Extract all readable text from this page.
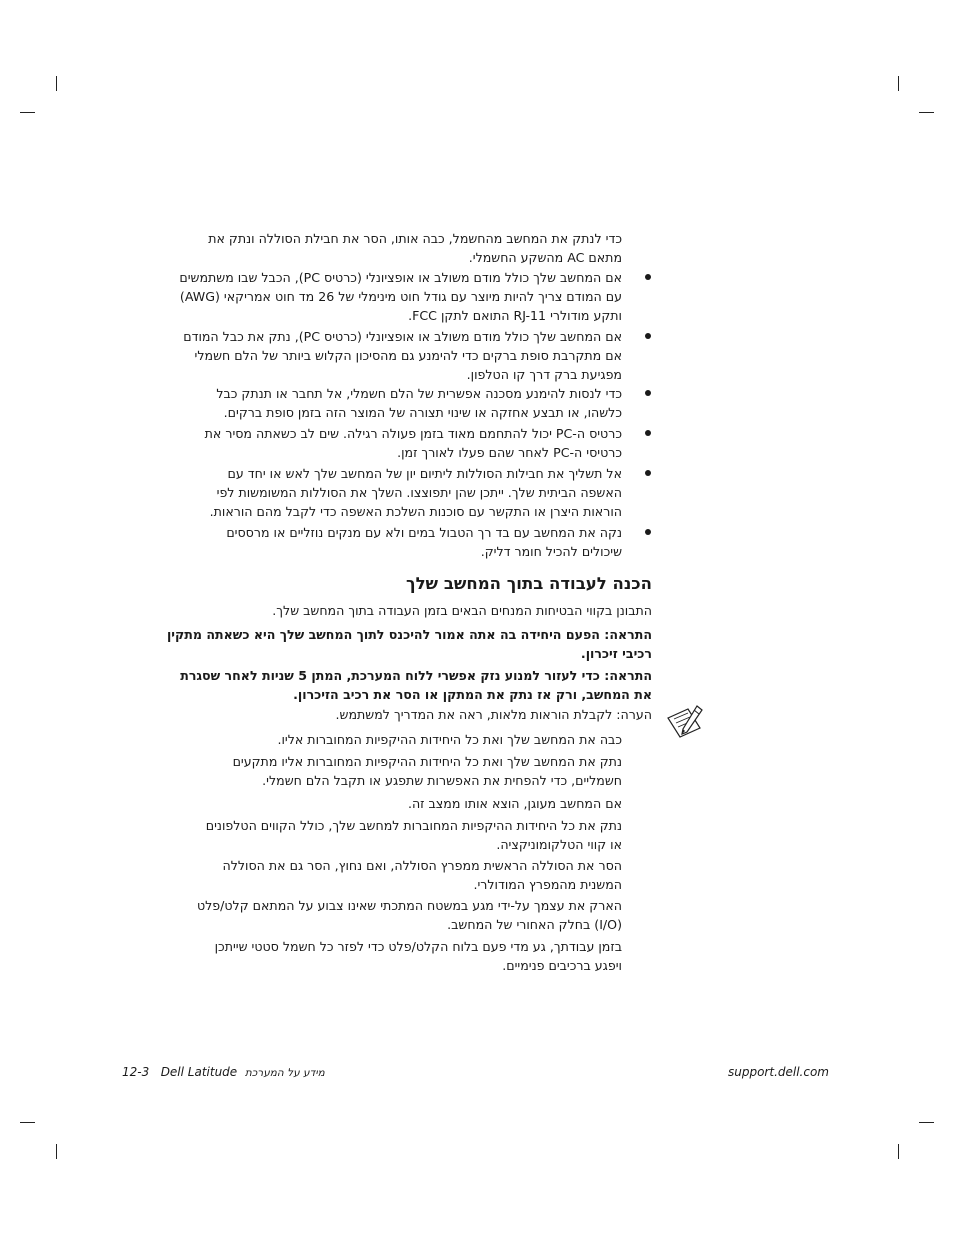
כדי לנתק את המחשב מהחשמל, כבה אותו, הסר את חבילת הסוללה ונתק את

מתאם AC מהשקע החשמלי.

אם המחשב שלך כולל מודם משולב או אופציונלי (כרטיס PC), הכבל שבו משתמשים

עם המודם צריך להיות מיוצר עם גודל חוט מינימלי של 26 מד חוט אמריקאי (AWG)

ותקע מודולרי RJ-11 התואם לתקן FCC.

אם המחשב שלך כולל מודם משולב או אופציונלי (כרטיס PC), נתק את כבל המודם

אם מתקרבת סופת ברקים כדי להימנע גם מהסיכון הקלוש ביותר של הלם חשמלי

מפגיעת ברק דרך קו הטלפון.

כדי לנסות להימנע מסכנה אפשרית של הלם חשמלי, אל תחבר או תנתק כבל

כלשהו, או תבצע אחזקה או שינוי תצורה של המוצר הזה בזמן סופת ברקים.

כרטיס ה-PC יכול להתחמם מאוד בזמן פעולה רגילה. שים לב כשאתה מסיר את

כרטיסי ה-PC לאחר שהם פעלו לאורך זמן.

אל תשליך את חבילות הסוללות ליתיום יון של המחשב שלך לאש או יחד עם

האשפה הביתית שלך. ייתכן שהן יתפוצצו. השלך את הסוללות המשומשות לפי

הוראות היצרן או התקשר עם סוכנות השלכת האשפה כדי לקבל מהם הוראות.

נקה את המחשב עם בד רך הטבול במים ולא עם מנקים נוזליים או מרססים

שיכולים להכיל חומר דליק.

הכנה לעבודה בתוך המחשב שלך

התבונן בקווי הבטיחות המנחים הבאים בזמן העבודה בתוך המחשב שלך.

התראה: הפעם היחידה בה אתה אמור להיכנס לתוך המחשב שלך היא כשאתה מתקין

רכיבי זיכרון.

התראה: כדי לעזור למנוע נזק אפשרי ללוח המערכת, המתן 5 שניות לאחר שסגרת

את המחשב, ורק אז נתק את המתקן או הסר את רכיב הזיכרון.

הערה: לקבלת הוראות מלאות, ראה את המדריך למשתמש.

כבה את המחשב שלך ואת כל היחידות ההיקפיות המחוברות אליו.

נתק את המחשב שלך ואת כל היחידות ההיקפיות המחוברות אליו מתקעים

חשמליים, כדי להפחית את האפשרות שתפגע או תקבל הלם חשמלי.

אם המחשב מעוגן, הוצא אותו ממצב זה.

נתק את כל היחידות ההיקפיות המחוברות למחשב שלך, כולל הקווים הטלפונים

או קווי הטלקומוניקציה.

הסר את הסוללה הראשית ממפרץ הסוללה, ואם נחוץ, הסר גם את הסוללה

המשנית מהמפרץ המודולרי.

הארק את עצמך על-ידי מגע במשטח המתכתי שאינו צבוע על המתאם קלט/פלט

(I/O) בחלק האחורי של המחשב.

בזמן עבודתך, גע מדי פעם בלוח הקלט/פלט כדי לפזר כל חשמל סטטי שייתכן

ויפגע ברכיבים פנימיים.

support.dell.com
12-3 Dell Latitude מידע על המערכת
